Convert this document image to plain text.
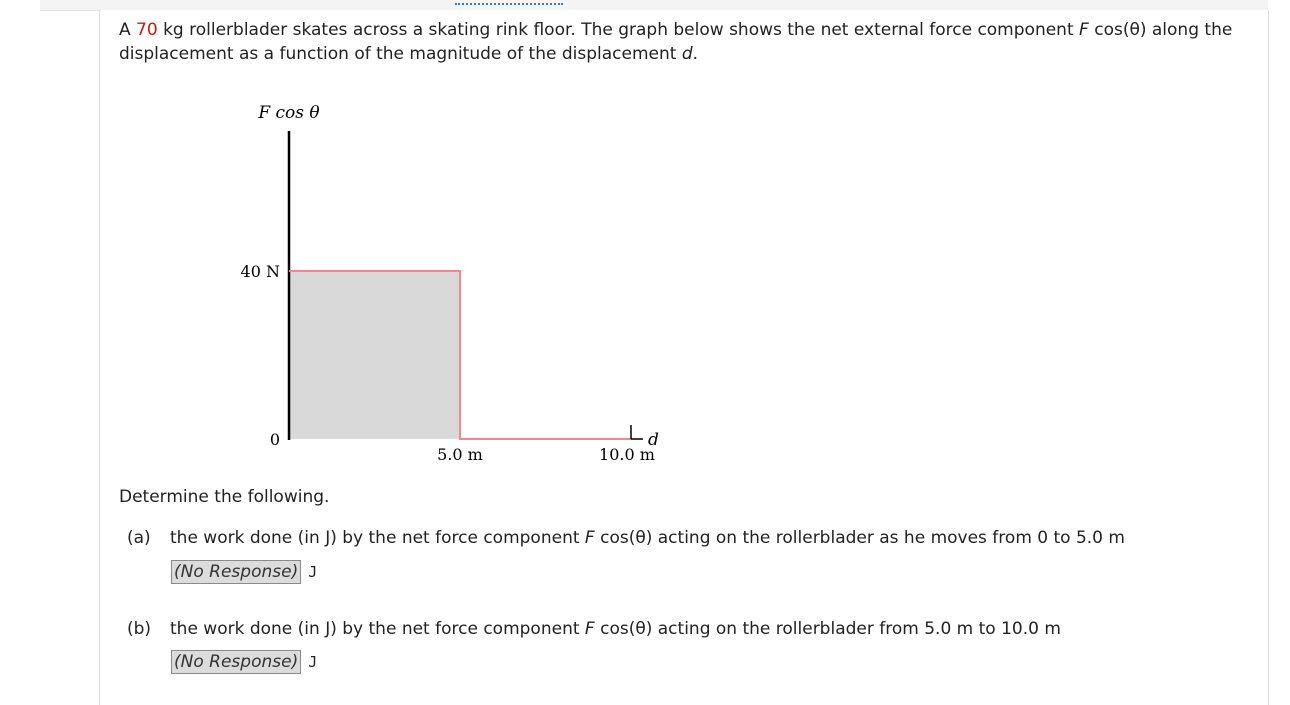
A 70 kg rollerblader skates across a skating rink floor. The graph below shows the net external force component F cos(θ) along the displacement as a function of the magnitude of the displacement d.
F cos θ
40 N
0
5.0 m	10.0 m
d
Determine the following.
(a) the work done (in J) by the net force component F cos(θ) acting on the rollerblader as he moves from 0 to 5.0 m
(No Response) J
(b) the work done (in J) by the net force component F cos(θ) acting on the rollerblader from 5.0 m to 10.0 m
(No Response) J
